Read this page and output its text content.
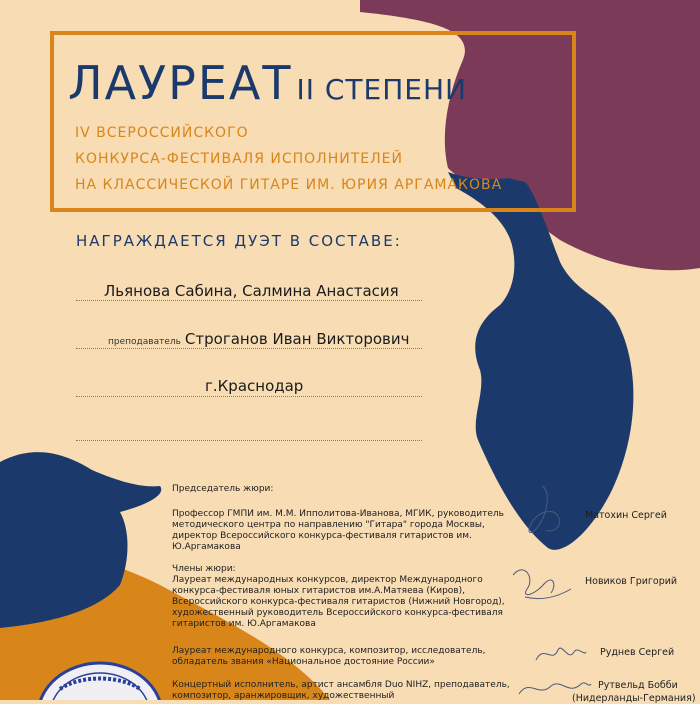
ЛАУРЕАТ II СТЕПЕНИ
IV ВСЕРОССИЙСКОГО
КОНКУРСА-ФЕСТИВАЛЯ ИСПОЛНИТЕЛЕЙ
НА КЛАССИЧЕСКОЙ ГИТАРЕ ИМ. ЮРИЯ АРГАМАКОВА
НАГРАЖДАЕТСЯ ДУЭТ В СОСТАВЕ:
Льянова Сабина, Салмина Анастасия
преподаватель Строганов Иван Викторович
г.Краснодар
Председатель жюри:
Профессор ГМПИ им. М.М. Ипполитова-Иванова, МГИК, руководитель методического центра по направлению "Гитара" города Москвы, директор Всероссийского конкурса-фестиваля гитаристов им. Ю.Аргамакова
Матохин Сергей
Члены жюри:
Лауреат международных конкурсов, директор Международного конкурса-фестиваля юных гитаристов им.А.Матяева (Киров), Всероссийского конкурса-фестиваля гитаристов (Нижний Новгород), художественный руководитель Всероссийского конкурса-фестиваля гитаристов им. Ю.Аргамакова
Новиков Григорий
Лауреат международного конкурса, композитор, исследователь, обладатель звания «Национальное достояние России»
Руднев Сергей
Концертный исполнитель, артист ансамбля Duo NIHZ, преподаватель, композитор, аранжировщик, художественный
Рутвельд Бобби
(Нидерланды-Германия)
